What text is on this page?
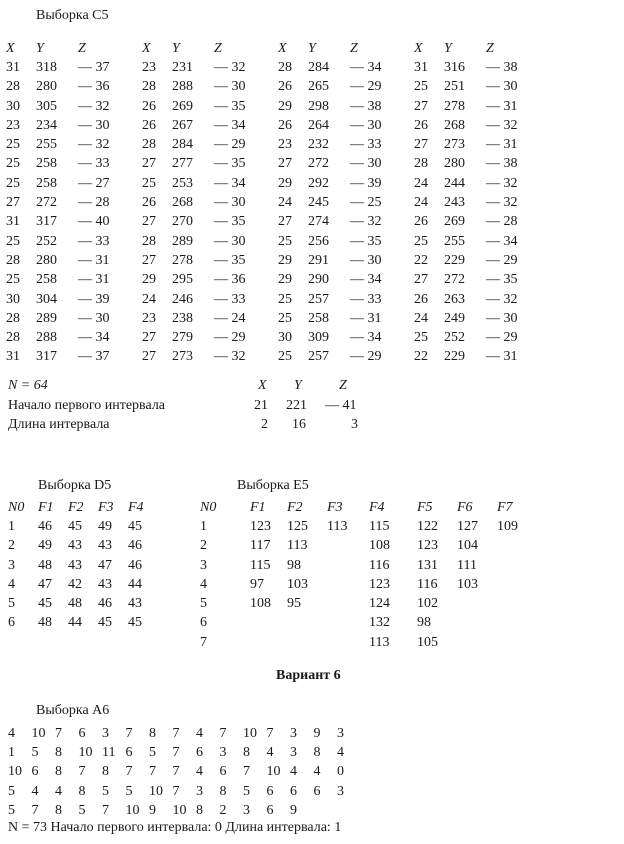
Выборка C5
X	Y	Z	X	Y	Z	X	Y	Z	X	Y	Z
31	318	— 37	23	231	— 32	28	284	— 34	31	316	— 38
28	280	— 36	28	288	— 30	26	265	— 29	25	251	— 30
30	305	— 32	26	269	— 35	29	298	— 38	27	278	— 31
23	234	— 30	26	267	— 34	26	264	— 30	26	268	— 32
25	255	— 32	28	284	— 29	23	232	— 33	27	273	— 31
25	258	— 33	27	277	— 35	27	272	— 30	28	280	— 38
25	258	— 27	25	253	— 34	29	292	— 39	24	244	— 32
27	272	— 28	26	268	— 30	24	245	— 25	24	243	— 32
31	317	— 40	27	270	— 35	27	274	— 32	26	269	— 28
25	252	— 33	28	289	— 30	25	256	— 35	25	255	— 34
28	280	— 31	27	278	— 35	29	291	— 30	22	229	— 29
25	258	— 31	29	295	— 36	29	290	— 34	27	272	— 35
30	304	— 39	24	246	— 33	25	257	— 33	26	263	— 32
28	289	— 30	23	238	— 24	25	258	— 31	24	249	— 30
28	288	— 34	27	279	— 29	30	309	— 34	25	252	— 29
31	317	— 37	27	273	— 32	25	257	— 29	22	229	— 31
N = 64	X Y	Z
Начало первого интервала	21 221 — 41
Длина интервала	2 16	3
Выборка D5
N0	F1	F2	F3	F4
1	46	45	49	45
2	49	43	43	46
3	48	43	47	46
4	47	42	43	44
5	45	48	46	43
6	48	44	45	45
Выборка E5
N0	F1	F2	F3	F4	F5	F6	F7
1	123	125	113	115	122	127	109
2	117	113		108	123	104	
3	115	98		116	131	111	
4	97	103		123	116	103	
5	108	95		124	102		
6				132	98		
7				113	105		
Вариант 6
Выборка A6
4	10	7	6	3	7	8	7	4	7	10	7	3	9	3
1	5	8	10	11	6	5	7	6	3	8	4	3	8	4
10	6	8	7	8	7	7	7	4	6	7	10	4	4	0
5	4	4	8	5	5	10	7	3	8	5	6	6	6	3
5	7	8	5	7	10	9	10	8	2	3	6	9		
N = 73 Начало первого интервала: 0 Длина интервала: 1
